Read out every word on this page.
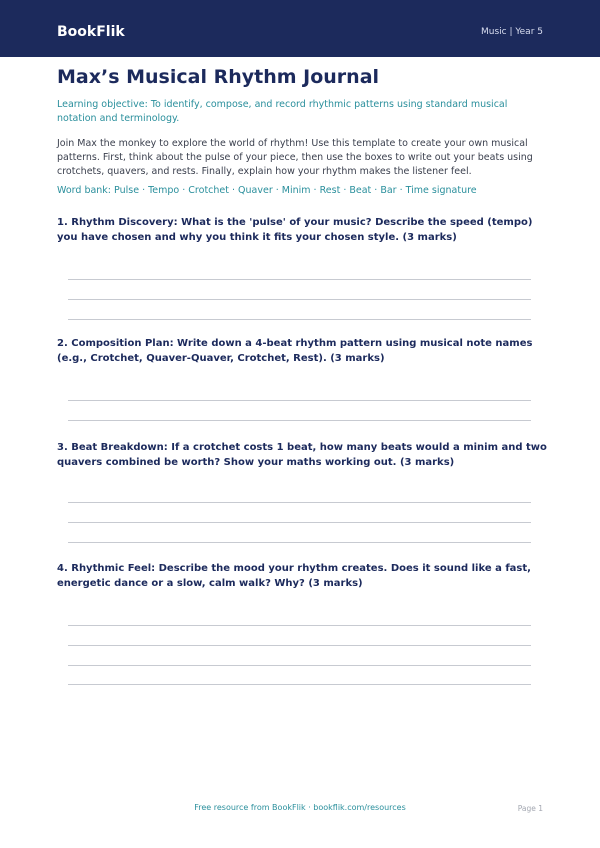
BookFlik	Music | Year 5
Max’s Musical Rhythm Journal

Learning objective: To identify, compose, and record rhythmic patterns using standard musical notation and terminology.

Join Max the monkey to explore the world of rhythm! Use this template to create your own musical patterns. First, think about the pulse of your piece, then use the boxes to write out your beats using crotchets, quavers, and rests. Finally, explain how your rhythm makes the listener feel.

Word bank: Pulse · Tempo · Crotchet · Quaver · Minim · Rest · Beat · Bar · Time signature

1. Rhythm Discovery: What is the 'pulse' of your music? Describe the speed (tempo) you have chosen and why you think it fits your chosen style. (3 marks)

2. Composition Plan: Write down a 4-beat rhythm pattern using musical note names (e.g., Crotchet, Quaver-Quaver, Crotchet, Rest). (3 marks)

3. Beat Breakdown: If a crotchet costs 1 beat, how many beats would a minim and two quavers combined be worth? Show your maths working out. (3 marks)

4. Rhythmic Feel: Describe the mood your rhythm creates. Does it sound like a fast, energetic dance or a slow, calm walk? Why? (3 marks)

Free resource from BookFlik · bookflik.com/resources	Page 1
